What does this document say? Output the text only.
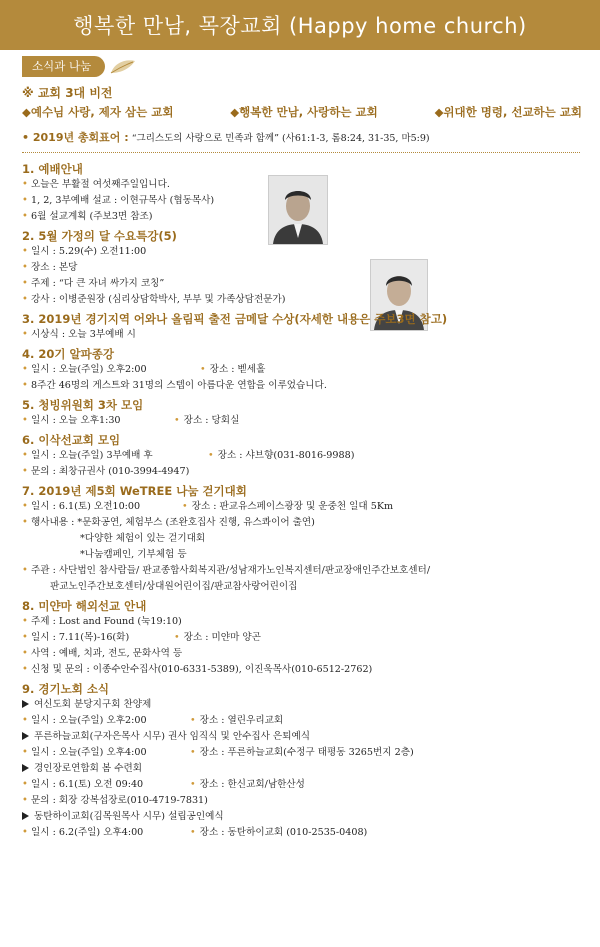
행복한 만남, 목장교회 (Happy home church)
소식과 나눔
※ 교회 3대 비전
◆예수님 사랑, 제자 삼는 교회	◆행복한 만남, 사랑하는 교회	◆위대한 명령, 선교하는 교회
• 2019년 총회표어 : “그리스도의 사랑으로 민족과 함께” (사61:1-3, 롬8:24, 31-35, 마5:9)
1. 예배안내
• 오늘은 부활절 여섯째주일입니다.
• 1, 2, 3부예배 설교 : 이현규목사 (협동목사)
• 6월 설교계획 (주보3면 참조)
2. 5월 가정의 달 수요특강(5)
• 일시 : 5.29(수) 오전11:00
• 장소 : 본당
• 주제 : “다 큰 자녀 싸가지 코칭”
• 강사 : 이병준원장 (심리상담학박사, 부부 및 가족상담전문가)
3. 2019년 경기지역 어와나 올림픽 출전 금메달 수상(자세한 내용은 주보3면 참고)
• 시상식 : 오늘 3부예배 시
4. 20기 알파종강
• 일시 : 오늘(주일) 오후2:00	• 장소 : 벧세홀
• 8주간 46명의 게스트와 31명의 스텝이 아름다운 연합을 이루었습니다.
5. 청빙위원회 3차 모임
• 일시 : 오늘 오후1:30	• 장소 : 당회실
6. 이삭선교회 모임
• 일시 : 오늘(주일) 3부예배 후	• 장소 : 샤브향(031-8016-9988)
• 문의 : 최창규권사 (010-3994-4947)
7. 2019년 제5회 WeTREE 나눔 걷기대회
• 일시 : 6.1(토) 오전10:00	• 장소 : 판교유스페이스광장 및 운중천 일대 5Km
• 행사내용 : *문화공연, 체험부스 (조완호집사 진행, 유스콰이어 출연)
*다양한 체험이 있는 걷기대회
*나눔캠페인, 기부체험 등
• 주관 : 사단법인 참사람들/ 판교종합사회복지관/성남재가노인복지센터/판교장애인주간보호센터/
판교노인주간보호센터/상대원어린이집/판교참사랑어린이집
8. 미얀마 해외선교 안내
• 주제 : Lost and Found (눅19:10)
• 일시 : 7.11(목)-16(화)	• 장소 : 미얀마 양곤
• 사역 : 예배, 치과, 전도, 문화사역 등
• 신청 및 문의 : 이종수안수집사(010-6331-5389), 이진욱목사(010-6512-2762)
9. 경기노회 소식
여신도회 분당지구회 찬양제
• 일시 : 오늘(주일) 오후2:00	• 장소 : 열린우리교회
푸른하늘교회(구자은목사 시무) 권사 임직식 및 안수집사 은퇴예식
• 일시 : 오늘(주일) 오후4:00	• 장소 : 푸른하늘교회(수정구 태평동 3265번지 2층)
경인장로연합회 봄 수련회
• 일시 : 6.1(토) 오전 09:40	• 장소 : 한신교회/남한산성
• 문의 : 회장 강복섭장로(010-4719-7831)
동탄하이교회(김목원목사 시무) 설립공인예식
• 일시 : 6.2(주일) 오후4:00	• 장소 : 동탄하이교회 (010-2535-0408)
